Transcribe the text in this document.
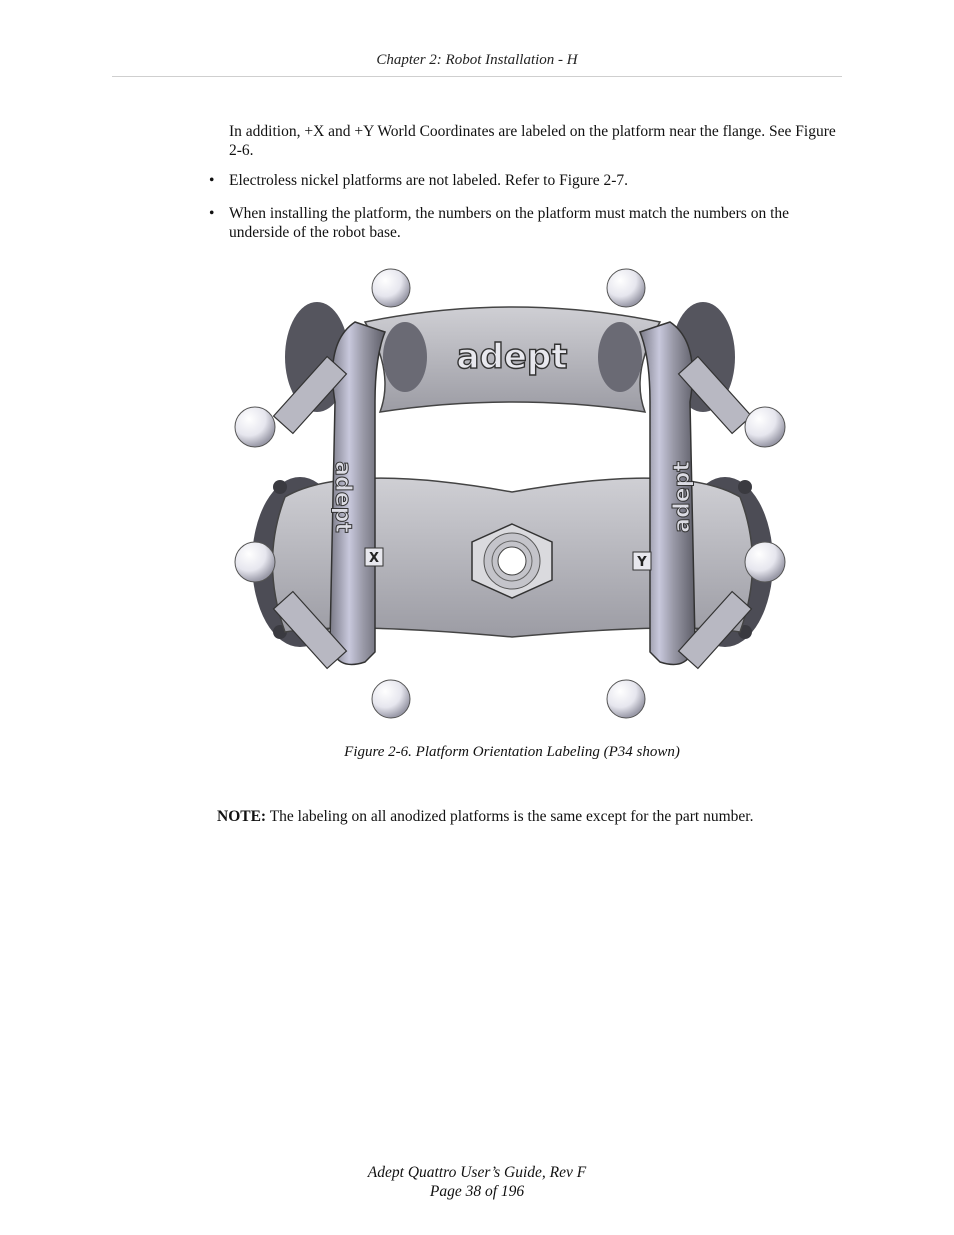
Chapter 2: Robot Installation - H
In addition, +X and +Y World Coordinates are labeled on the platform near the flange. See Figure 2-6.
• Electroless nickel platforms are not labeled. Refer to Figure 2-7.
• When installing the platform, the numbers on the platform must match the numbers on the underside of the robot base.
adept
adept	adept
X	Y
Figure 2-6. Platform Orientation Labeling (P34 shown)
NOTE: The labeling on all anodized platforms is the same except for the part number.
Adept Quattro User’s Guide, Rev F
Page 38 of 196
